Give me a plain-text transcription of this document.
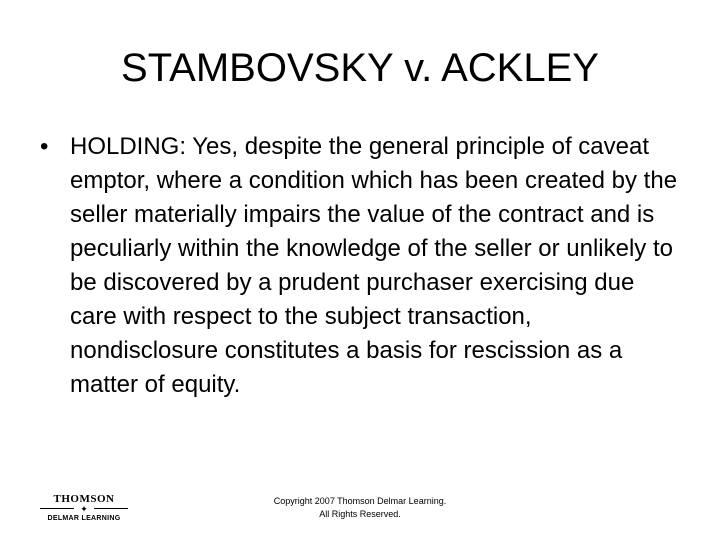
STAMBOVSKY v. ACKLEY
• HOLDING: Yes, despite the general principle of caveat emptor, where a condition which has been created by the seller materially impairs the value of the contract and is peculiarly within the knowledge of the seller or unlikely to be discovered by a prudent purchaser exercising due care with respect to the subject transaction, nondisclosure constitutes a basis for rescission as a matter of equity.
THOMSON
✦
DELMAR LEARNING
Copyright 2007 Thomson Delmar Learning.
All Rights Reserved.
